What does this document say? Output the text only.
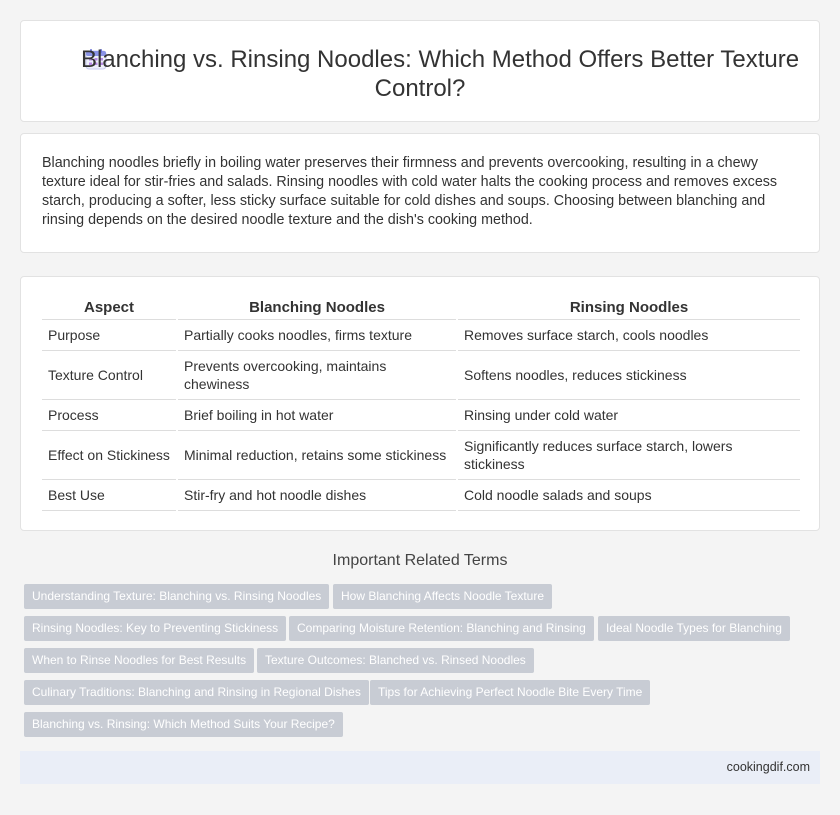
Blanching vs. Rinsing Noodles: Which Method Offers Better Texture Control?

Blanching noodles briefly in boiling water preserves their firmness and prevents overcooking, resulting in a chewy texture ideal for stir-fries and salads. Rinsing noodles with cold water halts the cooking process and removes excess starch, producing a softer, less sticky surface suitable for cold dishes and soups. Choosing between blanching and rinsing depends on the desired noodle texture and the dish's cooking method.

Aspect	Blanching Noodles	Rinsing Noodles
Purpose	Partially cooks noodles, firms texture	Removes surface starch, cools noodles
Texture Control	Prevents overcooking, maintains chewiness	Softens noodles, reduces stickiness
Process	Brief boiling in hot water	Rinsing under cold water
Effect on Stickiness	Minimal reduction, retains some stickiness	Significantly reduces surface starch, lowers stickiness
Best Use	Stir-fry and hot noodle dishes	Cold noodle salads and soups
Important Related Terms
Understanding Texture: Blanching vs. Rinsing Noodles	How Blanching Affects Noodle Texture
Rinsing Noodles: Key to Preventing Stickiness	Comparing Moisture Retention: Blanching and Rinsing	Ideal Noodle Types for Blanching
When to Rinse Noodles for Best Results	Texture Outcomes: Blanched vs. Rinsed Noodles
Culinary Traditions: Blanching and Rinsing in Regional Dishes	Tips for Achieving Perfect Noodle Bite Every Time
Blanching vs. Rinsing: Which Method Suits Your Recipe?
cookingdif.com
